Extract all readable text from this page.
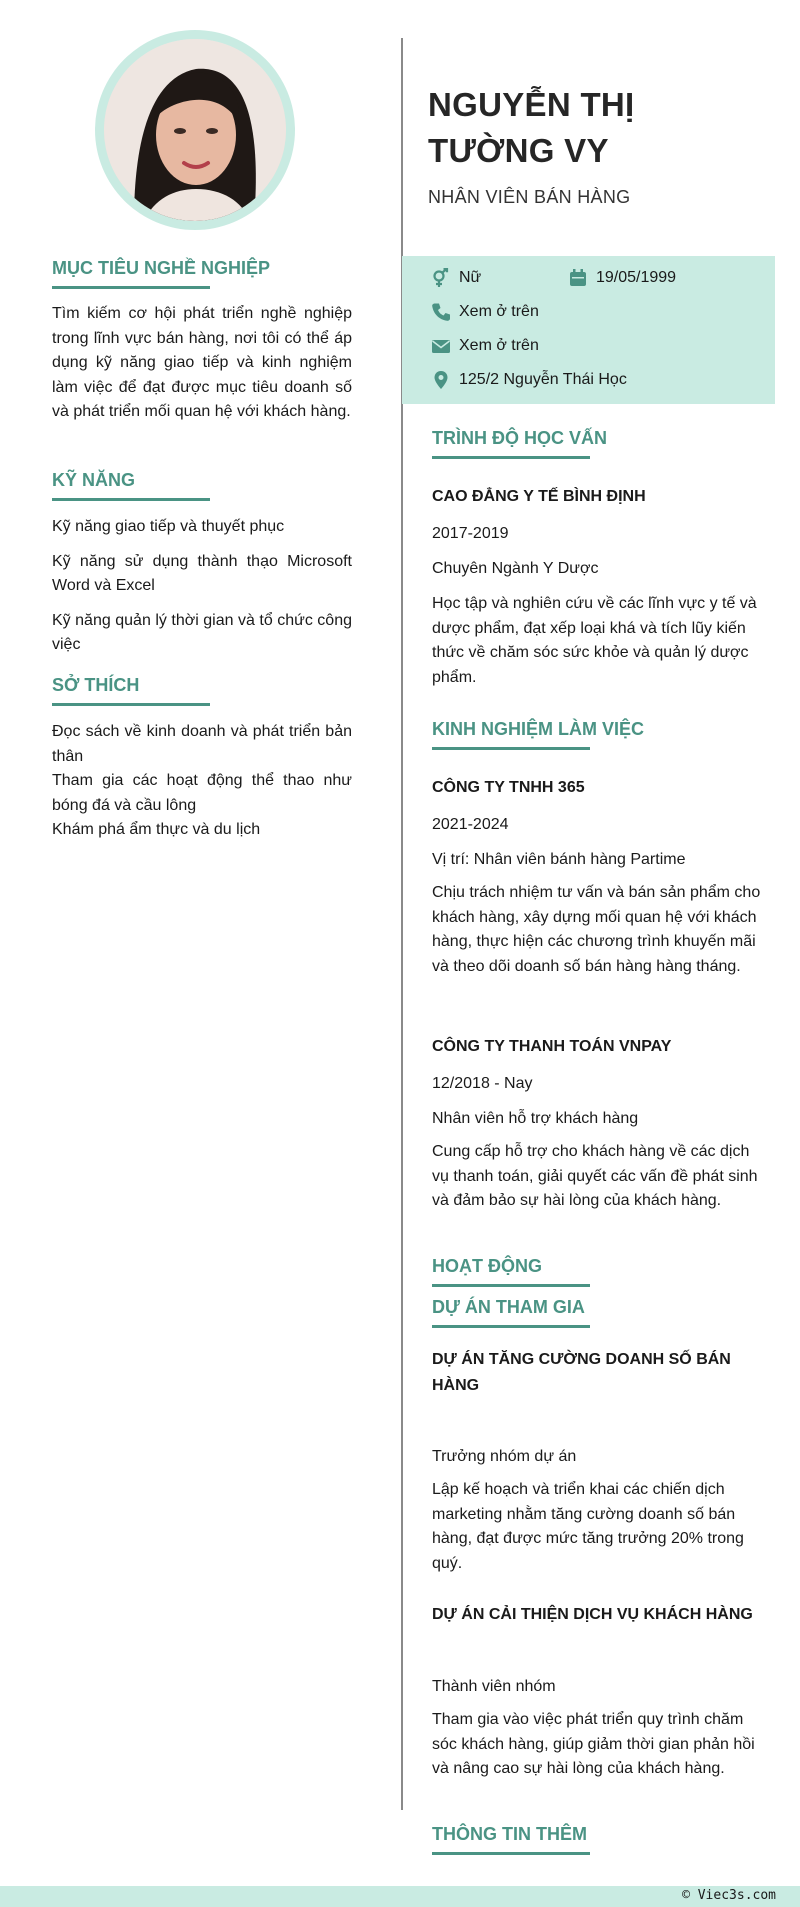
MỤC TIÊU NGHỀ NGHIỆP

Tìm kiếm cơ hội phát triển nghề nghiệp trong lĩnh vực bán hàng, nơi tôi có thể áp dụng kỹ năng giao tiếp và kinh nghiệm làm việc để đạt được mục tiêu doanh số và phát triển mối quan hệ với khách hàng.

KỸ NĂNG

Kỹ năng giao tiếp và thuyết phục

Kỹ năng sử dụng thành thạo Microsoft Word và Excel

Kỹ năng quản lý thời gian và tổ chức công việc

SỞ THÍCH

Đọc sách về kinh doanh và phát triển bản thân

Tham gia các hoạt động thể thao như bóng đá và cầu lông

Khám phá ẩm thực và du lịch

NGUYỄN THỊ TƯỜNG VY
NHÂN VIÊN BÁN HÀNG
Nữ	19/05/1999
Xem ở trên
Xem ở trên
125/2 Nguyễn Thái Học
TRÌNH ĐỘ HỌC VẤN

CAO ĐẲNG Y TẾ BÌNH ĐỊNH

2017-2019

Chuyên Ngành Y Dược

Học tập và nghiên cứu về các lĩnh vực y tế và dược phẩm, đạt xếp loại khá và tích lũy kiến thức về chăm sóc sức khỏe và quản lý dược phẩm.

KINH NGHIỆM LÀM VIỆC

CÔNG TY TNHH 365

2021-2024

Vị trí: Nhân viên bánh hàng Partime

Chịu trách nhiệm tư vấn và bán sản phẩm cho khách hàng, xây dựng mối quan hệ với khách hàng, thực hiện các chương trình khuyến mãi và theo dõi doanh số bán hàng hàng tháng.

CÔNG TY THANH TOÁN VNPAY

12/2018 - Nay

Nhân viên hỗ trợ khách hàng

Cung cấp hỗ trợ cho khách hàng về các dịch vụ thanh toán, giải quyết các vấn đề phát sinh và đảm bảo sự hài lòng của khách hàng.

HOẠT ĐỘNG
DỰ ÁN THAM GIA

DỰ ÁN TĂNG CƯỜNG DOANH SỐ BÁN HÀNG

Trưởng nhóm dự án

Lập kế hoạch và triển khai các chiến dịch marketing nhằm tăng cường doanh số bán hàng, đạt được mức tăng trưởng 20% trong quý.

DỰ ÁN CẢI THIỆN DỊCH VỤ KHÁCH HÀNG

Thành viên nhóm

Tham gia vào việc phát triển quy trình chăm sóc khách hàng, giúp giảm thời gian phản hồi và nâng cao sự hài lòng của khách hàng.

THÔNG TIN THÊM
© Viec3s.com
